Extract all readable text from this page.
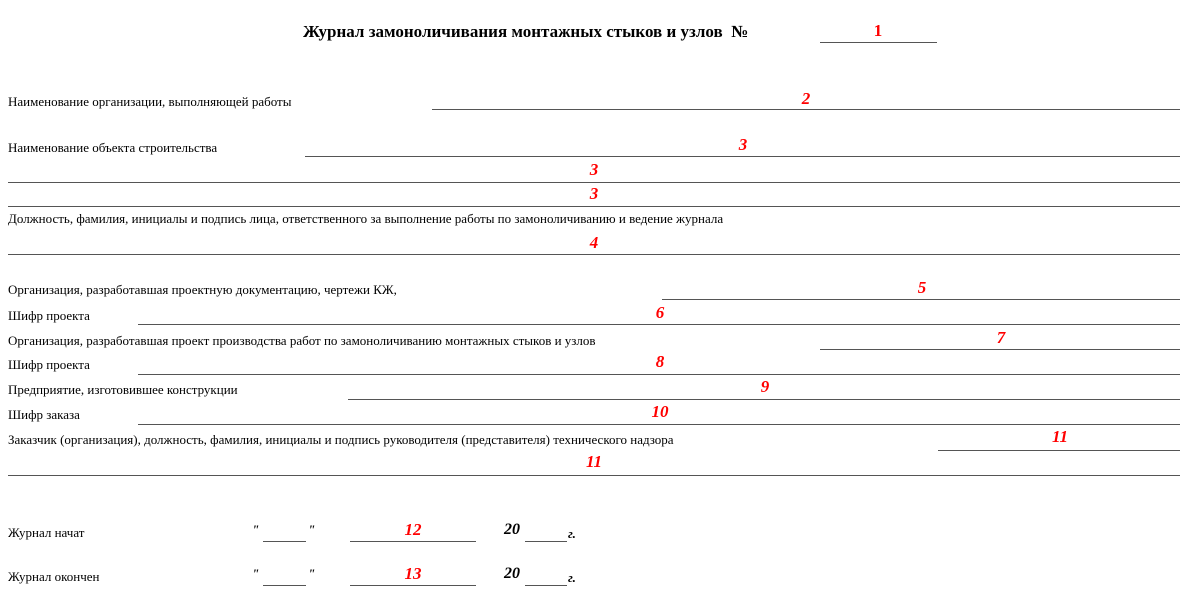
Журнал замоноличивания монтажных стыков и узлов №	1
Наименование организации, выполняющей работы	2
Наименование объекта строительства	3
3
3
Должность, фамилия, инициалы и подпись лица, ответственного за выполнение работы по замоноличиванию и ведение журнала
4
Организация, разработавшая проектную документацию, чертежи КЖ,	5
Шифр проекта	6
Организация, разработавшая проект производства работ по замоноличиванию монтажных стыков и узлов	7
Шифр проекта	8
Предприятие, изготовившее конструкции	9
Шифр заказа	10
Заказчик (организация), должность, фамилия, инициалы и подпись руководителя (представителя) технического надзора	11
11
Журнал начат	"	"	12	20	г.
Журнал окончен	"	"	13	20	г.
